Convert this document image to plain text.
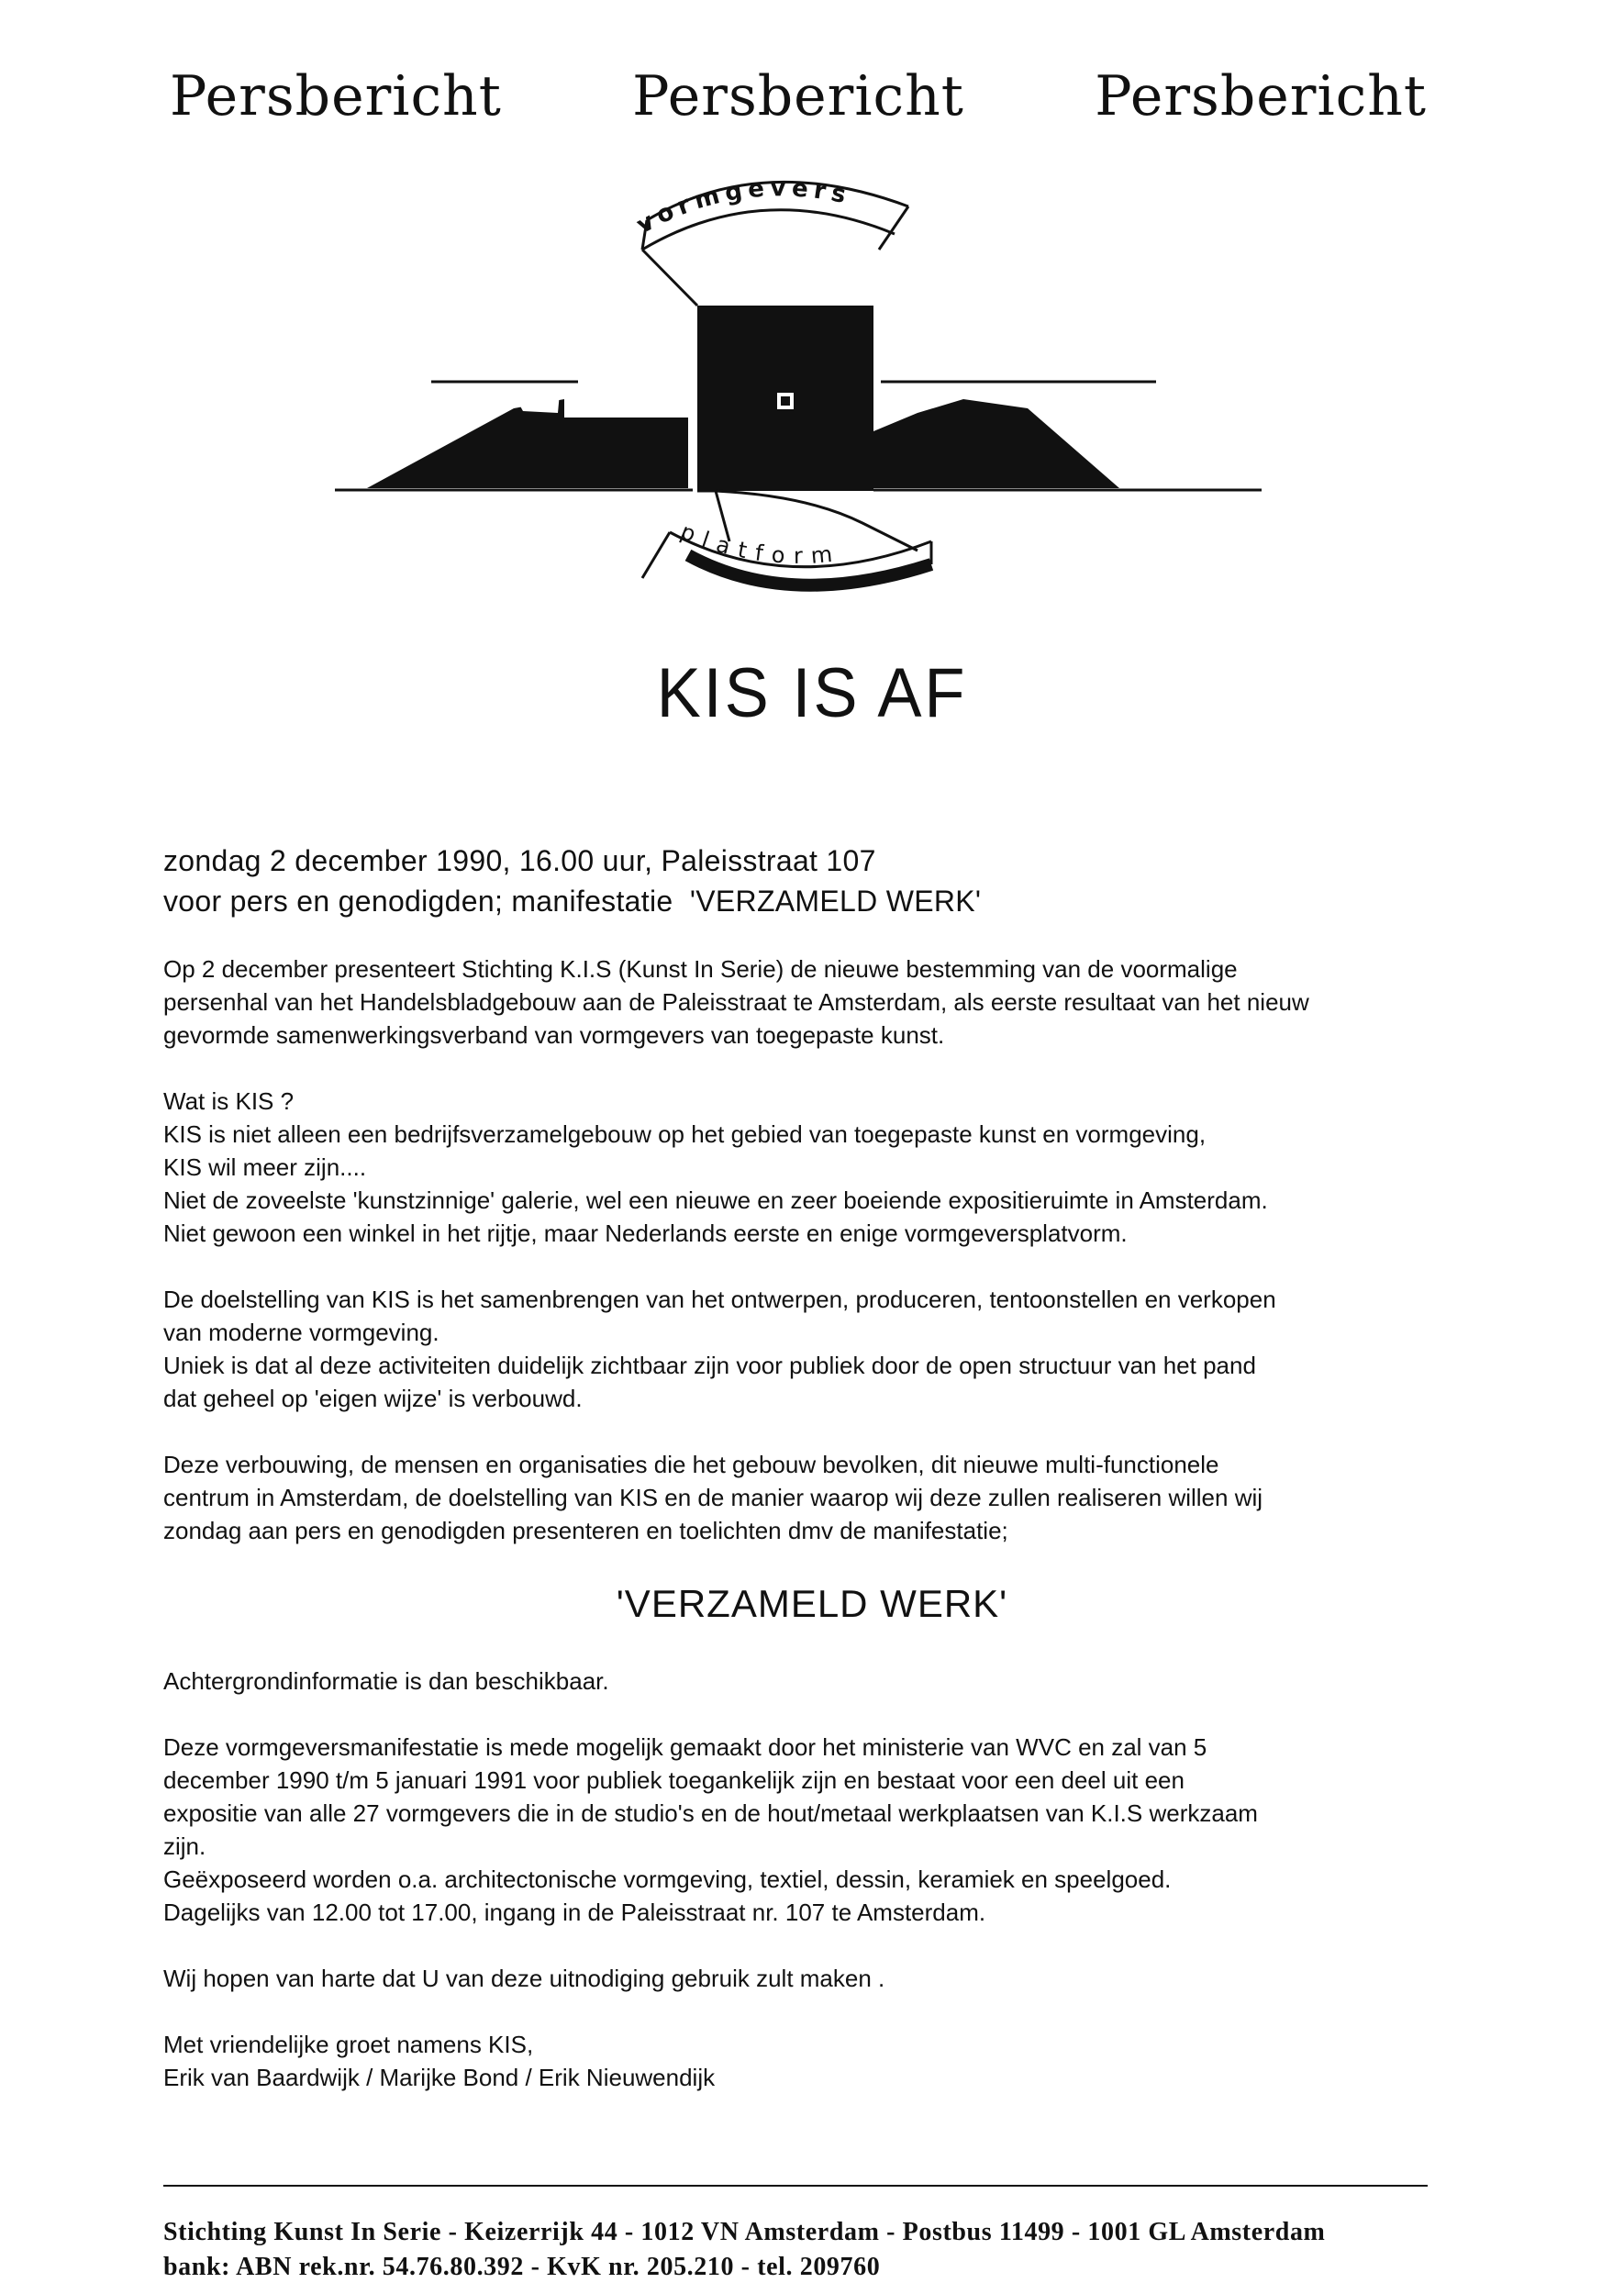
Persbericht Persbericht Persbericht
vormgevers
platform
KIS IS AF
zondag 2 december 1990, 16.00 uur, Paleisstraat 107
voor pers en genodigden; manifestatie  'VERZAMELD WERK'
Op 2 december presenteert Stichting K.I.S (Kunst In Serie) de nieuwe bestemming van de voormalige
persenhal van het Handelsbladgebouw aan de Paleisstraat te Amsterdam, als eerste resultaat van het nieuw
gevormde samenwerkingsverband van vormgevers van toegepaste kunst.
Wat is KIS ?
KIS is niet alleen een bedrijfsverzamelgebouw op het gebied van toegepaste kunst en vormgeving,
KIS wil meer zijn....
Niet de zoveelste 'kunstzinnige' galerie, wel een nieuwe en zeer boeiende expositieruimte in Amsterdam.
Niet gewoon een winkel in het rijtje, maar Nederlands eerste en enige vormgeversplatvorm.
De doelstelling van KIS is het samenbrengen van het ontwerpen, produceren, tentoonstellen en verkopen
van moderne vormgeving.
Uniek is dat al deze activiteiten duidelijk zichtbaar zijn voor publiek door de open structuur van het pand
dat geheel op 'eigen wijze' is verbouwd.
Deze verbouwing, de mensen en organisaties die het gebouw bevolken, dit nieuwe multi-functionele
centrum in Amsterdam, de doelstelling van KIS en de manier waarop wij deze zullen realiseren willen wij
zondag aan pers en genodigden presenteren en toelichten dmv de manifestatie;
'VERZAMELD WERK'
Achtergrondinformatie is dan beschikbaar.
Deze vormgeversmanifestatie is mede mogelijk gemaakt door het ministerie van WVC en zal van 5
december 1990 t/m 5 januari 1991 voor publiek toegankelijk zijn en bestaat voor een deel uit een
expositie van alle 27 vormgevers die in de studio's en de hout/metaal werkplaatsen van K.I.S werkzaam
zijn.
Geëxposeerd worden o.a. architectonische vormgeving, textiel, dessin, keramiek en speelgoed.
Dagelijks van 12.00 tot 17.00, ingang in de Paleisstraat nr. 107 te Amsterdam.
Wij hopen van harte dat U van deze uitnodiging gebruik zult maken .
Met vriendelijke groet namens KIS,
Erik van Baardwijk / Marijke Bond / Erik Nieuwendijk
Stichting Kunst In Serie - Keizerrijk 44 - 1012 VN Amsterdam - Postbus 11499 - 1001 GL Amsterdam
bank: ABN rek.nr. 54.76.80.392 - KvK nr. 205.210 - tel. 209760
